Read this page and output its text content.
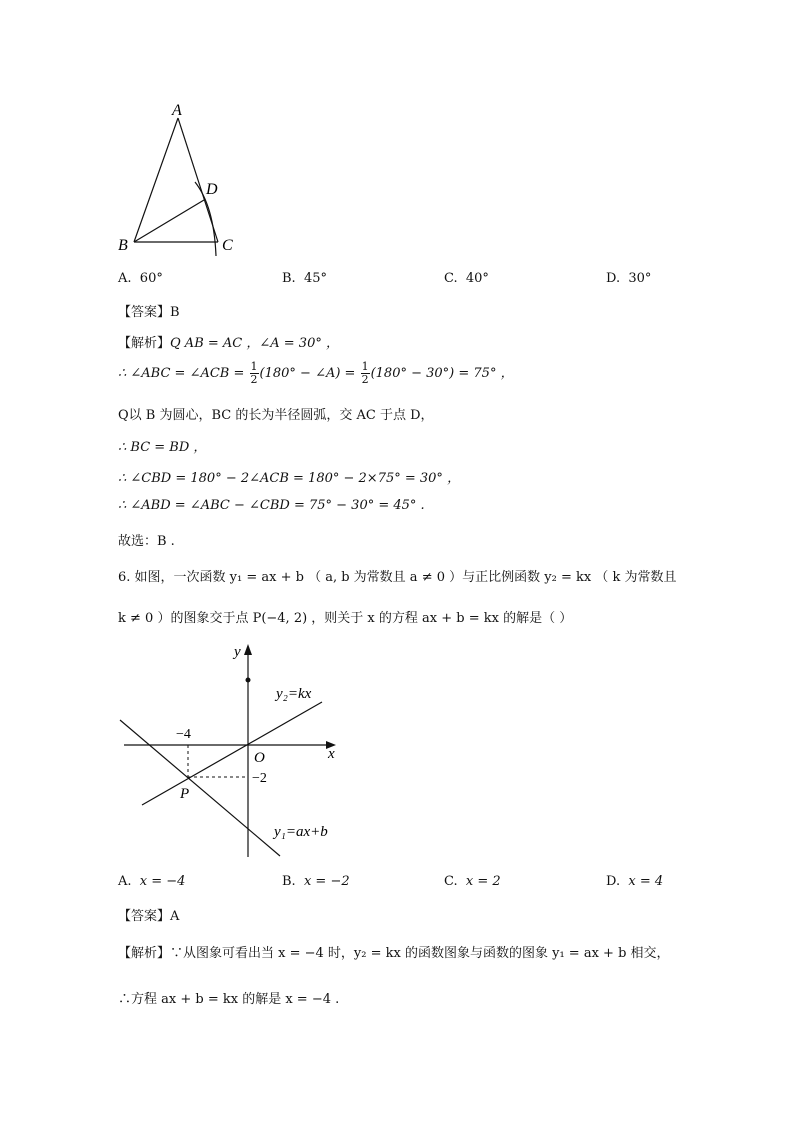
A
D
B	C
A. 60°	B. 45°	C. 40°	D. 30°
【答案】B
【解析】Q AB = AC ，∠A = 30° ，
∴ ∠ABC = ∠ACB = $\frac{1}{2} (180^\circ$ − ∠A) = $\frac{1}{2} (180^\circ - 30^\circ) = 75^\circ$ ，
Q以 B 为圆心，BC 的长为半径圆弧，交 AC 于点 D，
∴ BC = BD ，
∴ ∠CBD = 180° − 2∠ACB = 180° − 2×75° = 30° ，
∴ ∠ABD = ∠ABC − ∠CBD = 75° − 30° = 45° .
故选：B .
6. 如图，一次函数 y₁ = ax + b （ a, b 为常数且 a ≠ 0 ）与正比例函数 y₂ = kx （ k 为常数且
k ≠ 0 ）的图象交于点 P(−4, 2) ，则关于 x 的方程 ax + b = kx 的解是（ ）
y
x
O
−4
−2
P
y₂=kx
y₁=ax+b
A. x = −4	B. x = −2	C. x = 2	D. x = 4
【答案】A
【解析】∵从图象可看出当 x = −4 时，y₂ = kx 的函数图象与函数的图象 y₁ = ax + b 相交，
∴方程 ax + b = kx 的解是 x = −4 .
